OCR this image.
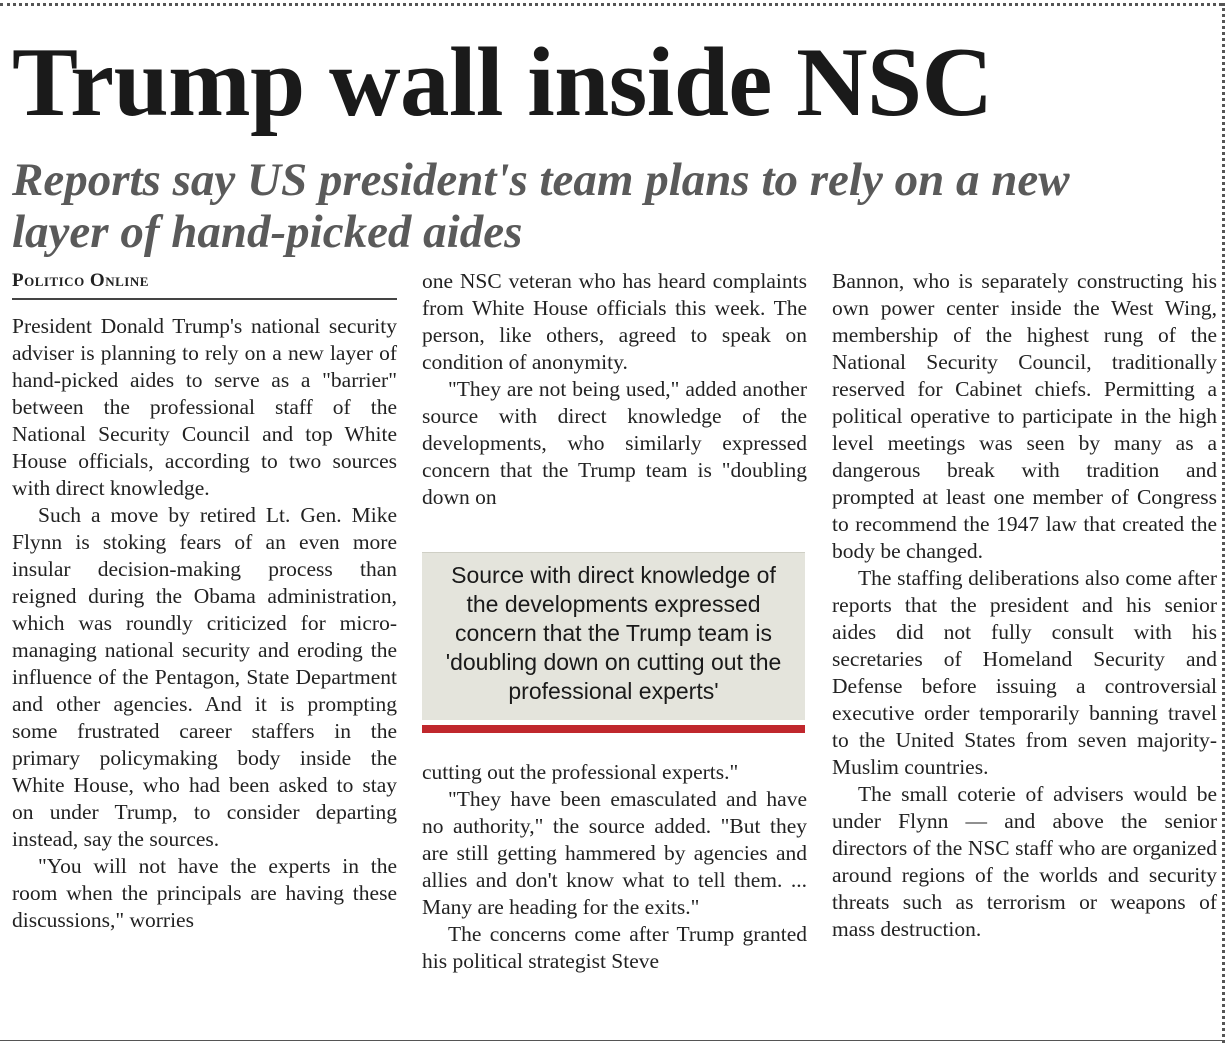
Trump wall inside NSC
Reports say US president's team plans to rely on a new layer of hand-picked aides
Politico Online

President Donald Trump's national security adviser is planning to rely on a new layer of hand-picked aides to serve as a "barrier" between the professional staff of the National Security Council and top White House officials, according to two sources with direct knowledge.

Such a move by retired Lt. Gen. Mike Flynn is stoking fears of an even more insular decision-making process than reigned during the Obama administration, which was roundly criticized for micro-managing national security and eroding the influence of the Pentagon, State Department and other agencies. And it is prompting some frustrated career staffers in the primary policymaking body inside the White House, who had been asked to stay on under Trump, to consider departing instead, say the sources.

"You will not have the experts in the room when the principals are having these discussions," worries

one NSC veteran who has heard complaints from White House officials this week. The person, like others, agreed to speak on condition of anonymity.

"They are not being used," added another source with direct knowledge of the developments, who similarly expressed concern that the Trump team is "doubling down on

Source with direct knowledge of the developments expressed concern that the Trump team is 'doubling down on cutting out the professional experts'

cutting out the professional experts."

"They have been emasculated and have no authority," the source added. "But they are still getting hammered by agencies and allies and don't know what to tell them. ... Many are heading for the exits."

The concerns come after Trump granted his political strategist Steve

Bannon, who is separately constructing his own power center inside the West Wing, membership of the highest rung of the National Security Council, traditionally reserved for Cabinet chiefs. Permitting a political operative to participate in the high level meetings was seen by many as a dangerous break with tradition and prompted at least one member of Congress to recommend the 1947 law that created the body be changed.

The staffing deliberations also come after reports that the president and his senior aides did not fully consult with his secretaries of Homeland Security and Defense before issuing a controversial executive order temporarily banning travel to the United States from seven majority-Muslim countries.

The small coterie of advisers would be under Flynn — and above the senior directors of the NSC staff who are organized around regions of the worlds and security threats such as terrorism or weapons of mass destruction.
